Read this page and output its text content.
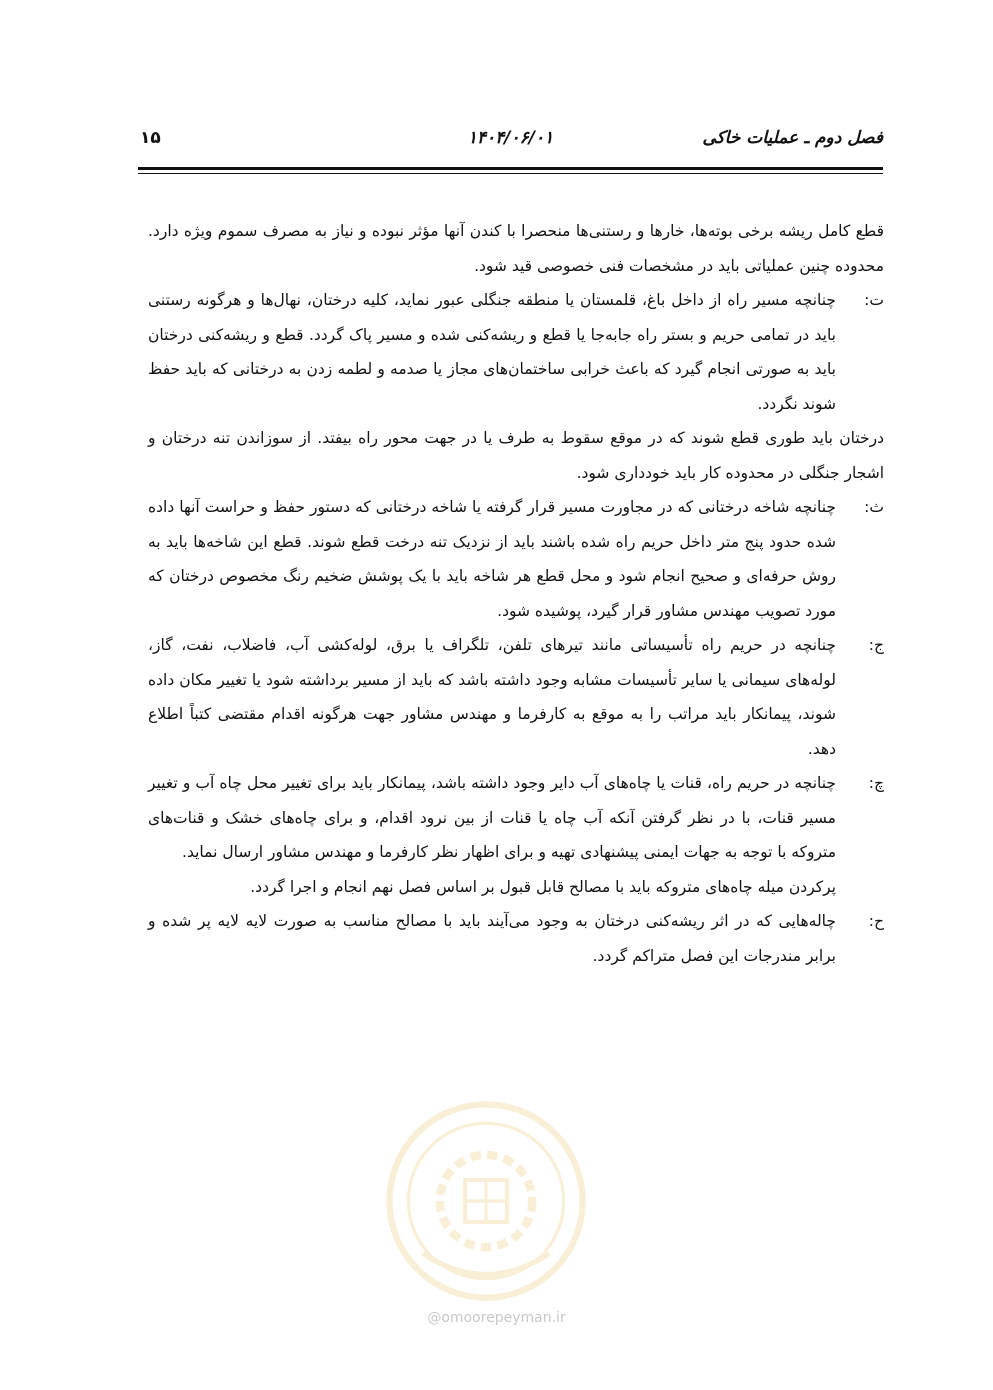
فصل دوم ـ عملیات خاکی
۱۴۰۴/۰۶/۰۱
۱۵

قطع کامل ریشه برخی بوته‌ها، خارها و رستنی‌ها منحصرا با کندن آنها مؤثر نبوده و نیاز به مصرف سموم ویژه دارد. محدوده چنین عملیاتی باید در مشخصات فنی خصوصی قید شود.

ت:
چنانچه مسیر راه از داخل باغ، قلمستان یا منطقه جنگلی عبور نماید، کلیه درختان، نهال‌ها و هرگونه رستنی باید در تمامی حریم و بستر راه جابه‌جا یا قطع و ریشه‌کنی شده و مسیر پاک گردد. قطع و ریشه‌کنی درختان باید به صورتی انجام گیرد که باعث خرابی ساختمان‌های مجاز یا صدمه و لطمه زدن به درختانی که باید حفظ شوند نگردد.

درختان باید طوری قطع شوند که در موقع سقوط به طرف یا در جهت محور راه بیفتد. از سوزاندن تنه درختان و اشجار جنگلی در محدوده کار باید خودداری شود.

ث:
چنانچه شاخه درختانی که در مجاورت مسیر قرار گرفته یا شاخه درختانی که دستور حفظ و حراست آنها داده شده حدود پنج متر داخل حریم راه شده باشند باید از نزدیک تنه درخت قطع شوند. قطع این شاخه‌ها باید به روش حرفه‌ای و صحیح انجام شود و محل قطع هر شاخه باید با یک پوشش ضخیم رنگ مخصوص درختان که مورد تصویب مهندس مشاور قرار گیرد، پوشیده شود.
ج:
چنانچه در حریم راه تأسیساتی مانند تیرهای تلفن، تلگراف یا برق، لوله‌کشی آب، فاضلاب، نفت، گاز، لوله‌های سیمانی یا سایر تأسیسات مشابه وجود داشته باشد که باید از مسیر برداشته شود یا تغییر مکان داده شوند، پیمانکار باید مراتب را به موقع به کارفرما و مهندس مشاور جهت هرگونه اقدام مقتضی کتباً اطلاع دهد.
چ:
چنانچه در حریم راه، قنات یا چاه‌های آب دایر وجود داشته باشد، پیمانکار باید برای تغییر محل چاه آب و تغییر مسیر قنات، با در نظر گرفتن آنکه آب چاه یا قنات از بین نرود اقدام، و برای چاه‌های خشک و قنات‌های متروکه با توجه به جهات ایمنی پیشنهادی تهیه و برای اظهار نظر کارفرما و مهندس مشاور ارسال نماید.

پرکردن میله چاه‌های متروکه باید با مصالح قابل قبول بر اساس فصل نهم انجام و اجرا گردد.

ح:
چاله‌هایی که در اثر ریشه‌کنی درختان به وجود می‌آیند باید با مصالح مناسب به صورت لایه لایه پر شده و برابر مندرجات این فصل متراکم گردد.
@omoorepeyman.ir
